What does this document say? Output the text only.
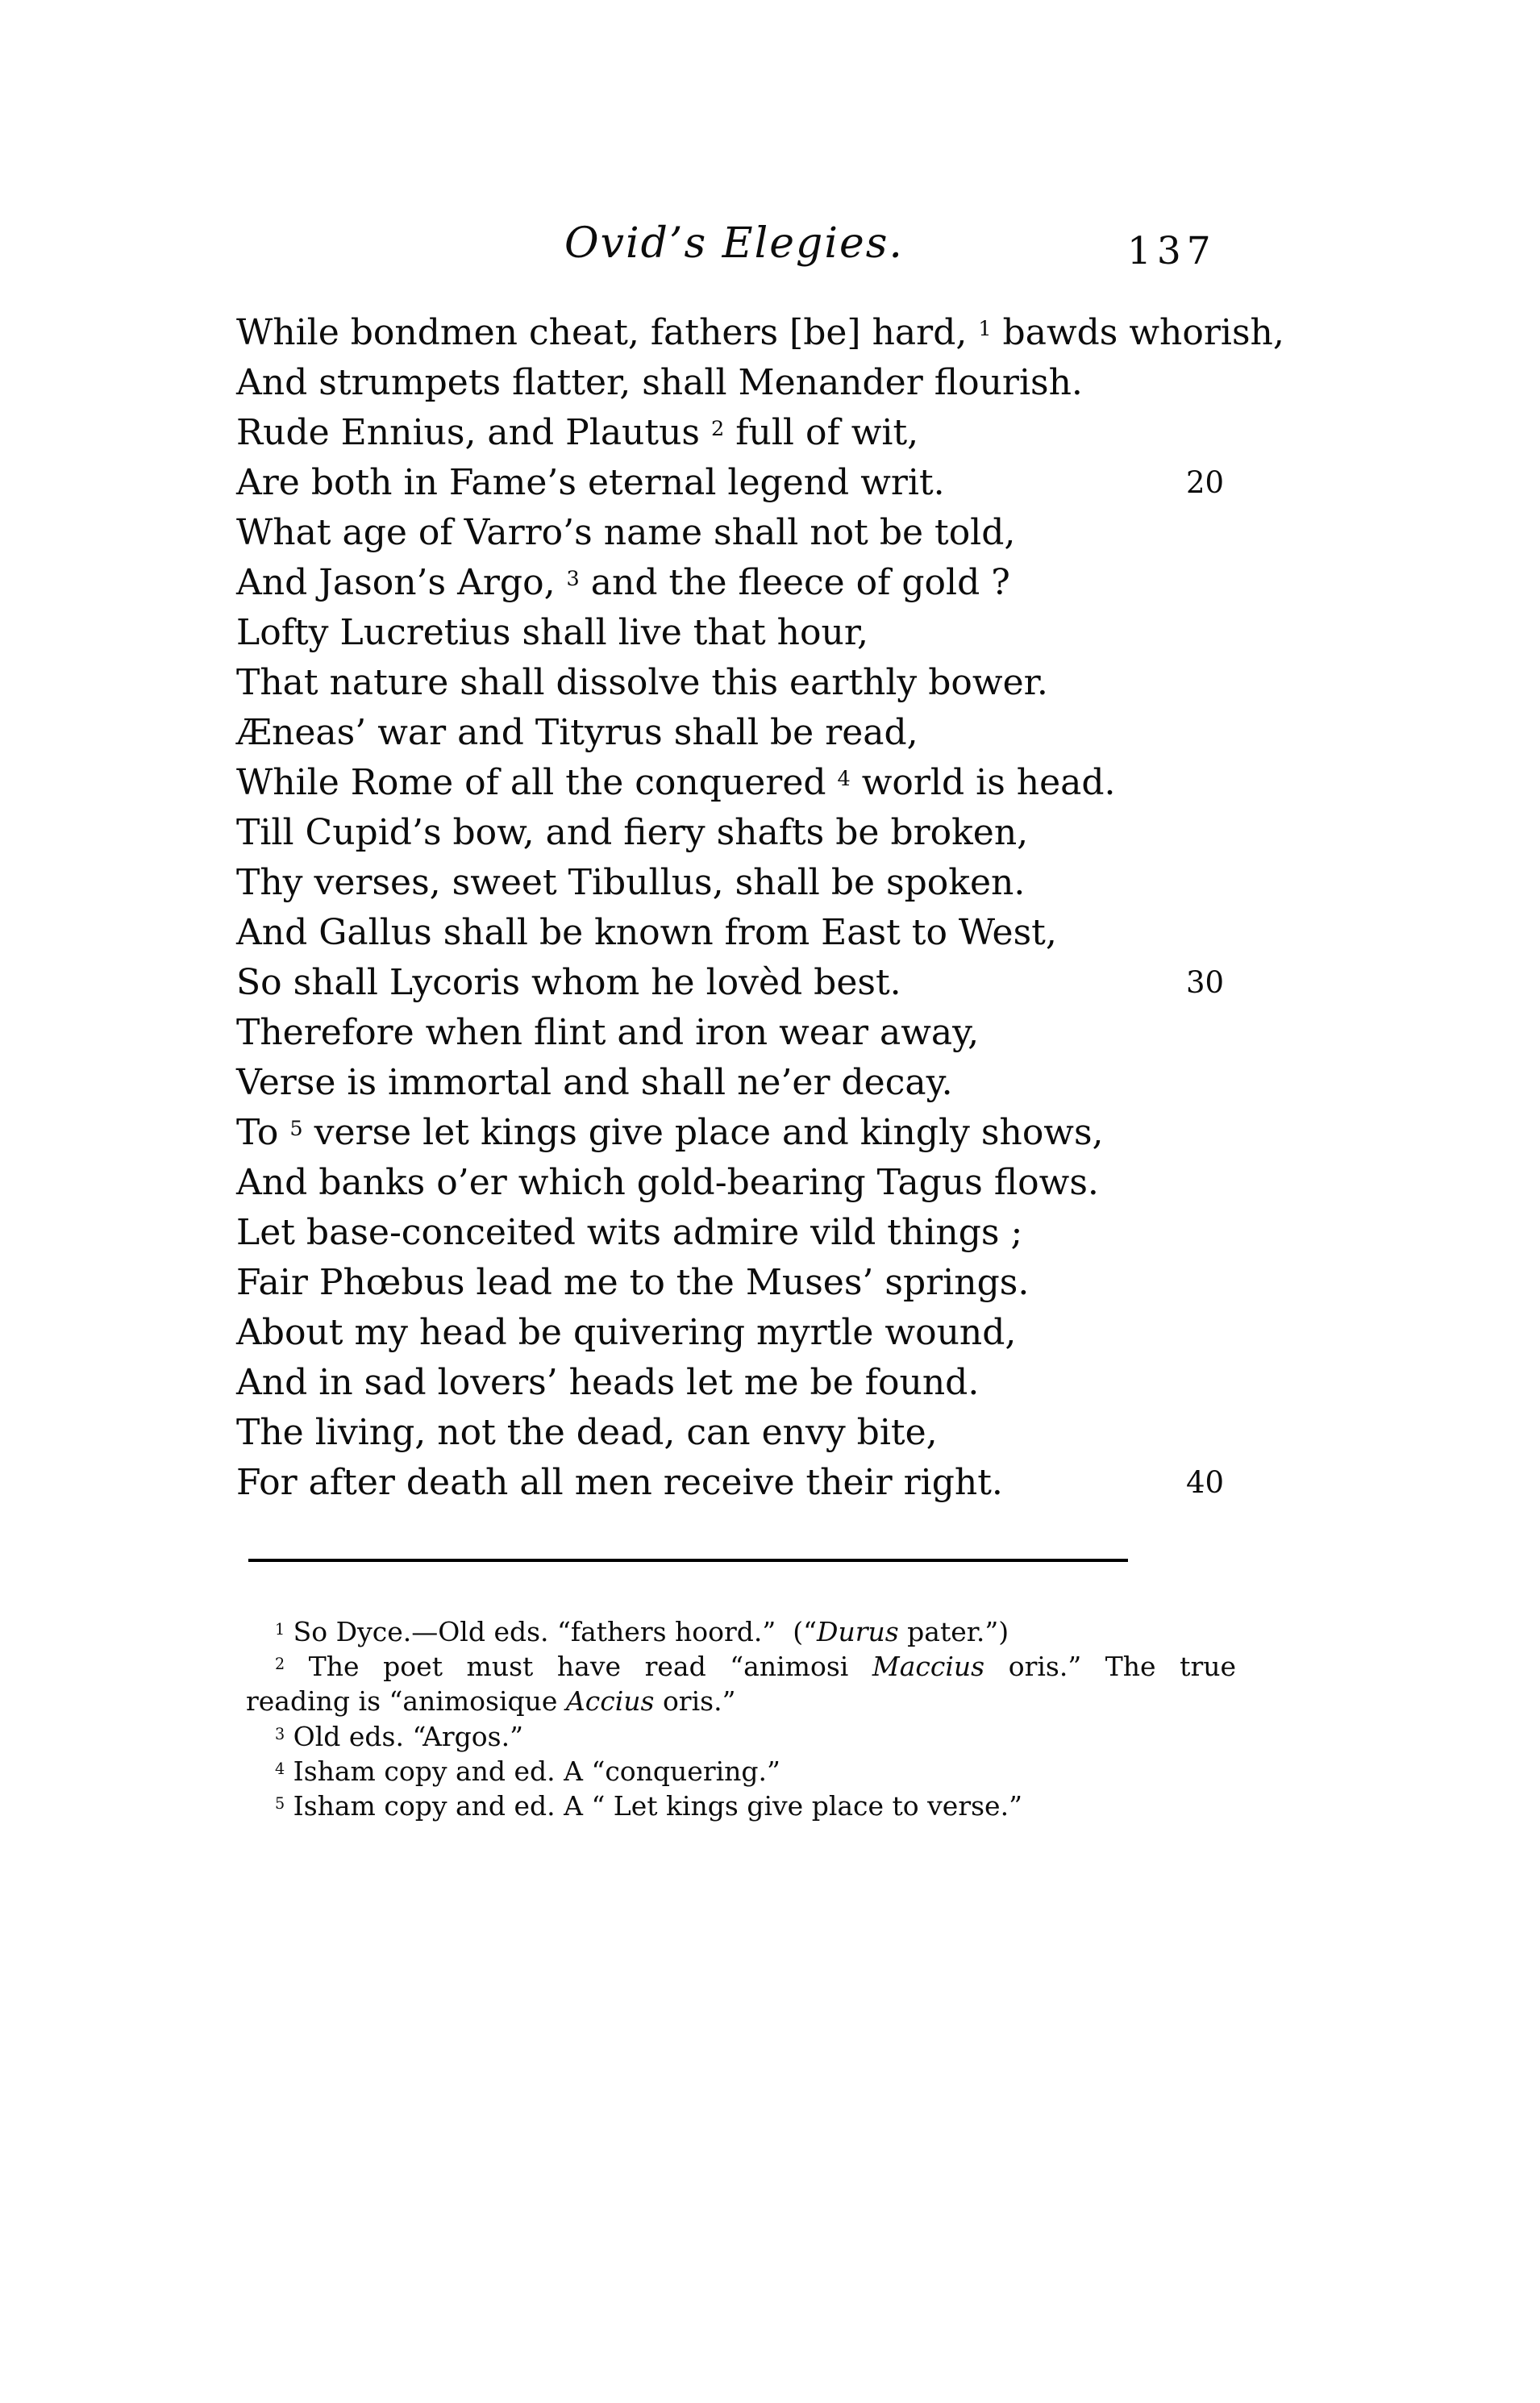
Ovid’s Elegies.	137
While bondmen cheat, fathers [be] hard, $^1$ bawds whorish,
And strumpets flatter, shall Menander flourish.
Rude Ennius, and Plautus $^2$ full of wit,
Are both in Fame’s eternal legend writ.	20
What age of Varro’s name shall not be told,
And Jason’s Argo, $^3$ and the fleece of gold ?
Lofty Lucretius shall live that hour,
That nature shall dissolve this earthly bower.
Æneas’ war and Tityrus shall be read,
While Rome of all the conquered $^4$ world is head.
Till Cupid’s bow, and fiery shafts be broken,
Thy verses, sweet Tibullus, shall be spoken.
And Gallus shall be known from East to West,
So shall Lycoris whom he lovèd best.	30
Therefore when flint and iron wear away,
Verse is immortal and shall ne’er decay.
To $^5$ verse let kings give place and kingly shows,
And banks o’er which gold-bearing Tagus flows.
Let base-conceited wits admire vild things ;
Fair Phœbus lead me to the Muses’ springs.
About my head be quivering myrtle wound,
And in sad lovers’ heads let me be found.
The living, not the dead, can envy bite,
For after death all men receive their right.	40
$^1$ So Dyce.—Old eds. “fathers hoord.”  (“Durus pater.”)
$^2$ The poet must have read “animosi Maccius oris.” The true
reading is “animosique Accius oris.”
$^3$ Old eds. “Argos.”
$^4$ Isham copy and ed. A “conquering.”
$^5$ Isham copy and ed. A “ Let kings give place to verse.”
